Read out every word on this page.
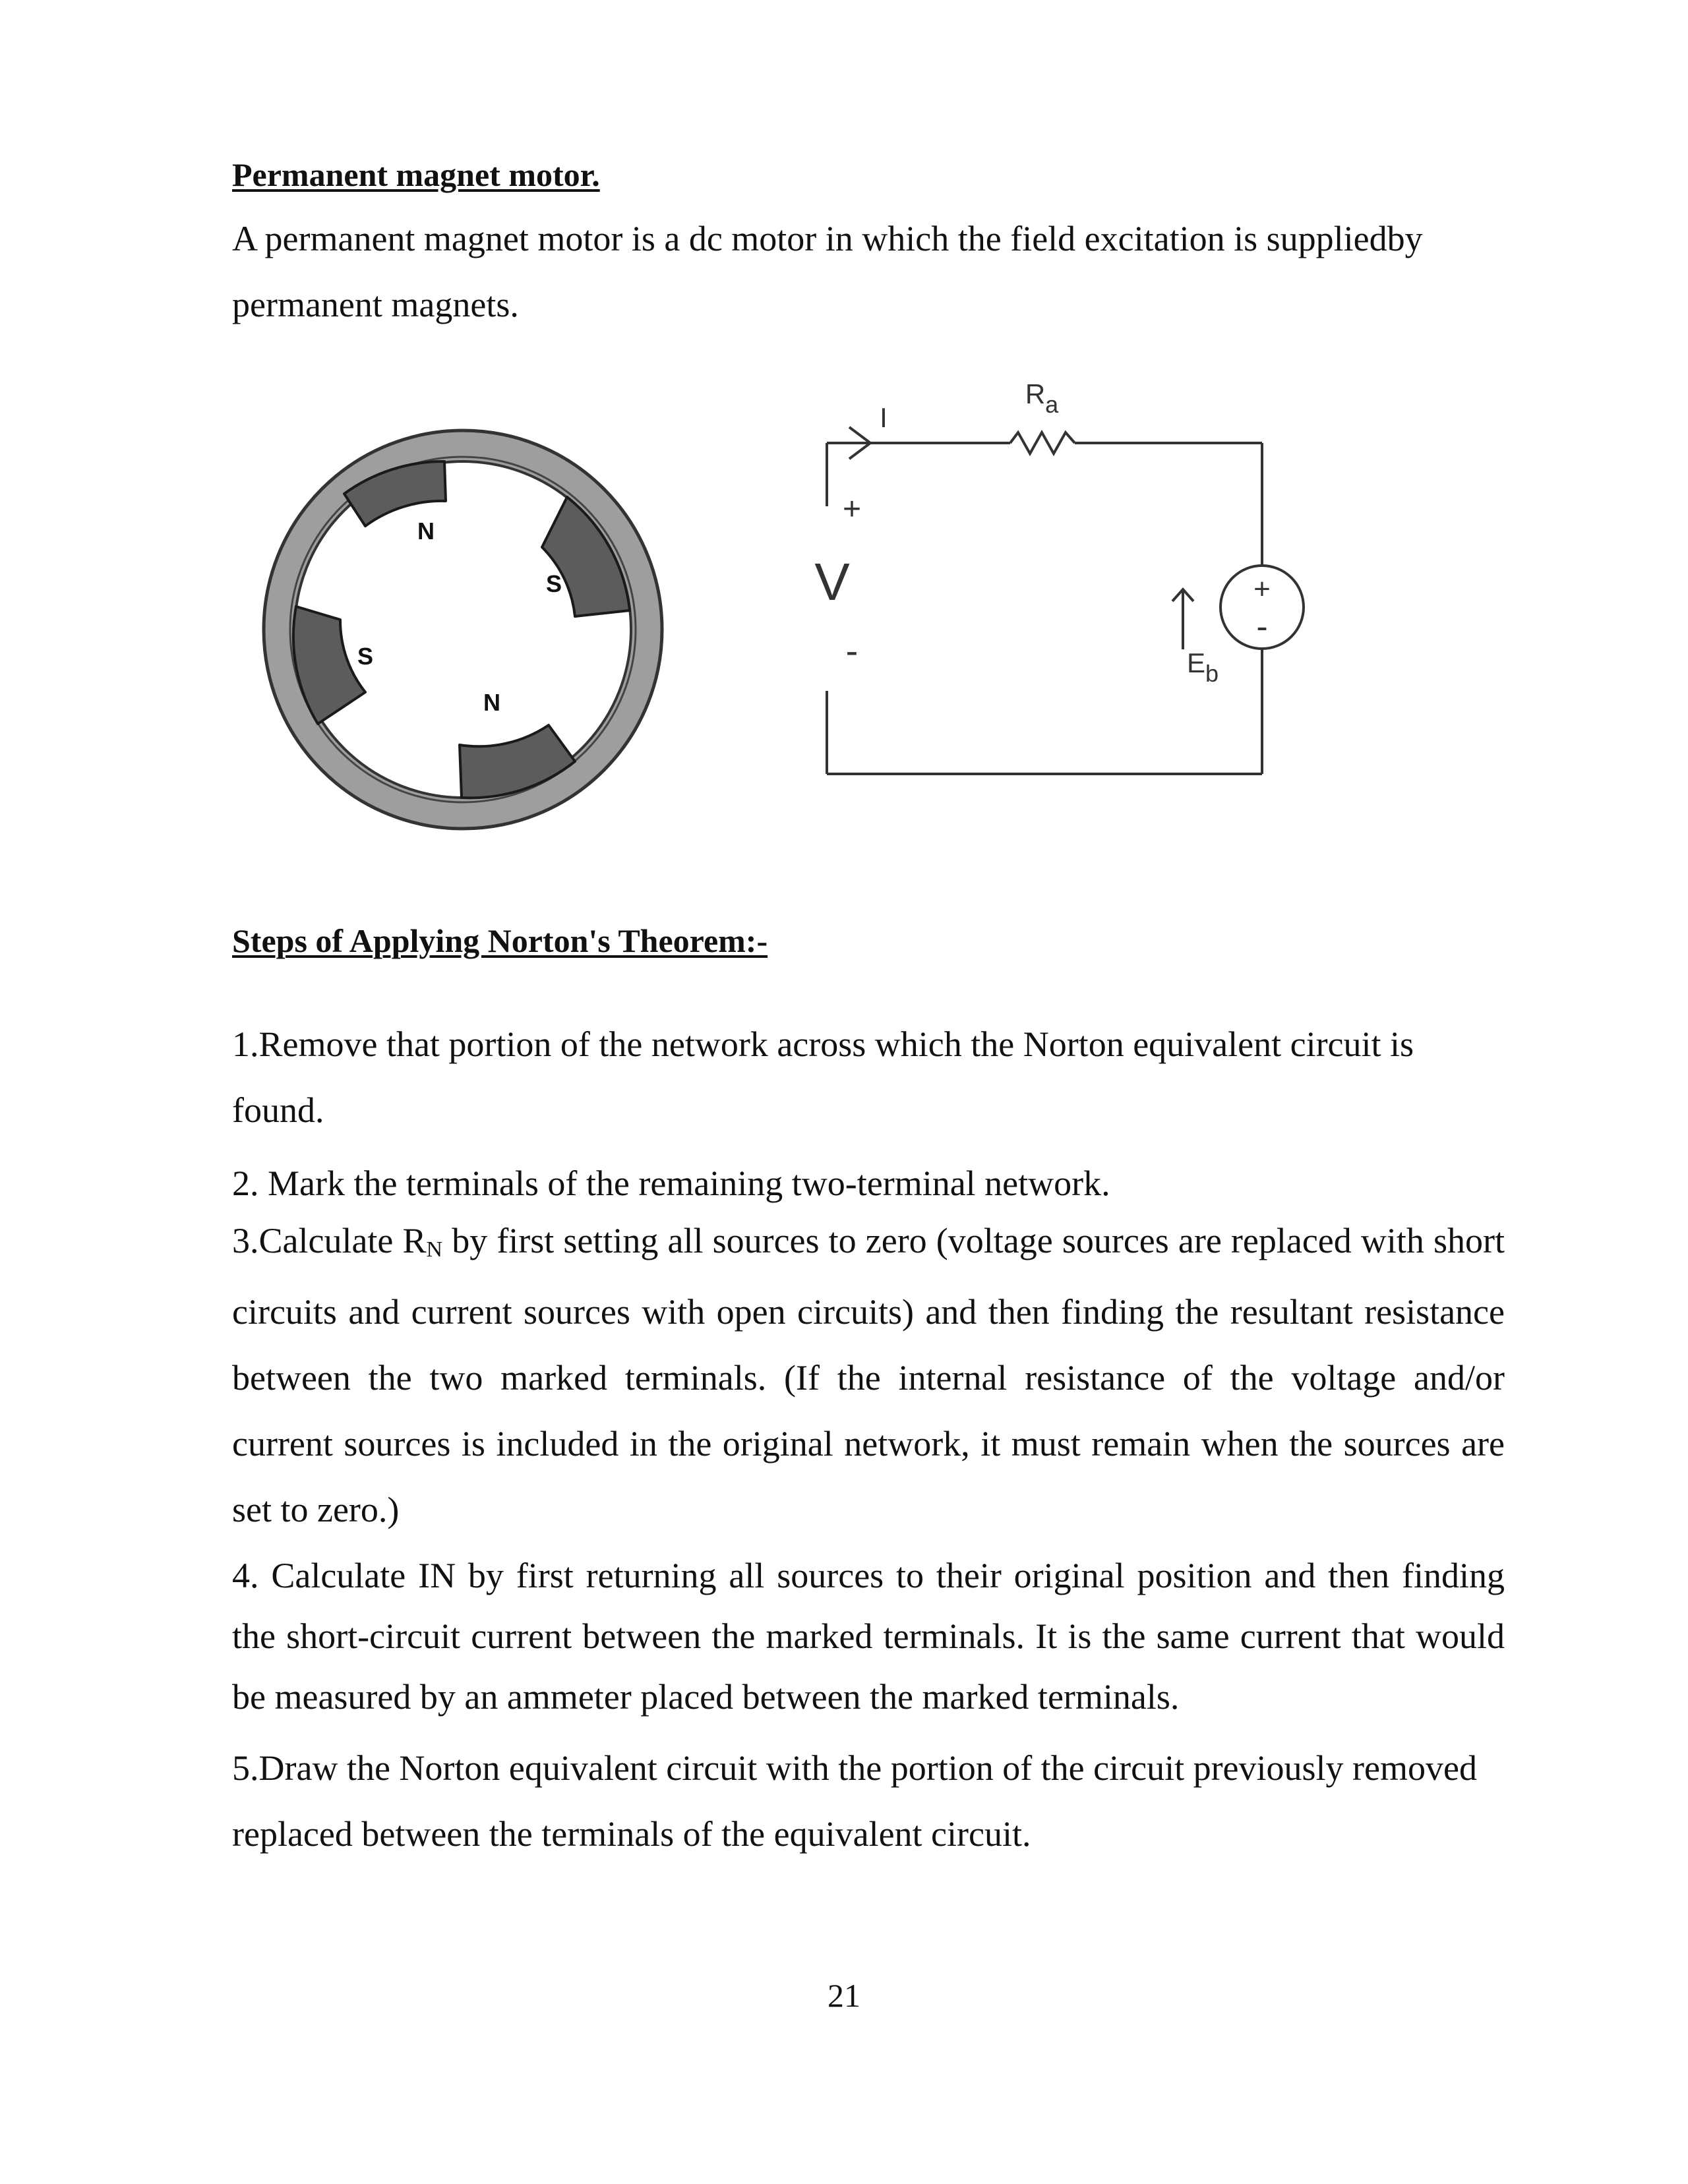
Permanent magnet motor.

A permanent magnet motor is a dc motor in which the field excitation is suppliedby permanent magnets.

N
S
S
N
I
Ra
+
V
-	Eb
+
-
Steps of Applying Norton's Theorem:-

1.Remove that portion of the network across which the Norton equivalent circuit is found.

2. Mark the terminals of the remaining two-terminal network.

3.Calculate RN by first setting all sources to zero (voltage sources are replaced with short circuits and current sources with open circuits) and then finding the resultant resistance between the two marked terminals. (If the internal resistance of the voltage and/or current sources is included in the original network, it must remain when the sources are set to zero.)

4. Calculate IN by first returning all sources to their original position and then finding the short-circuit current between the marked terminals. It is the same current that would be measured by an ammeter placed between the marked terminals.

5.Draw the Norton equivalent circuit with the portion of the circuit previously removed replaced between the terminals of the equivalent circuit.

21
